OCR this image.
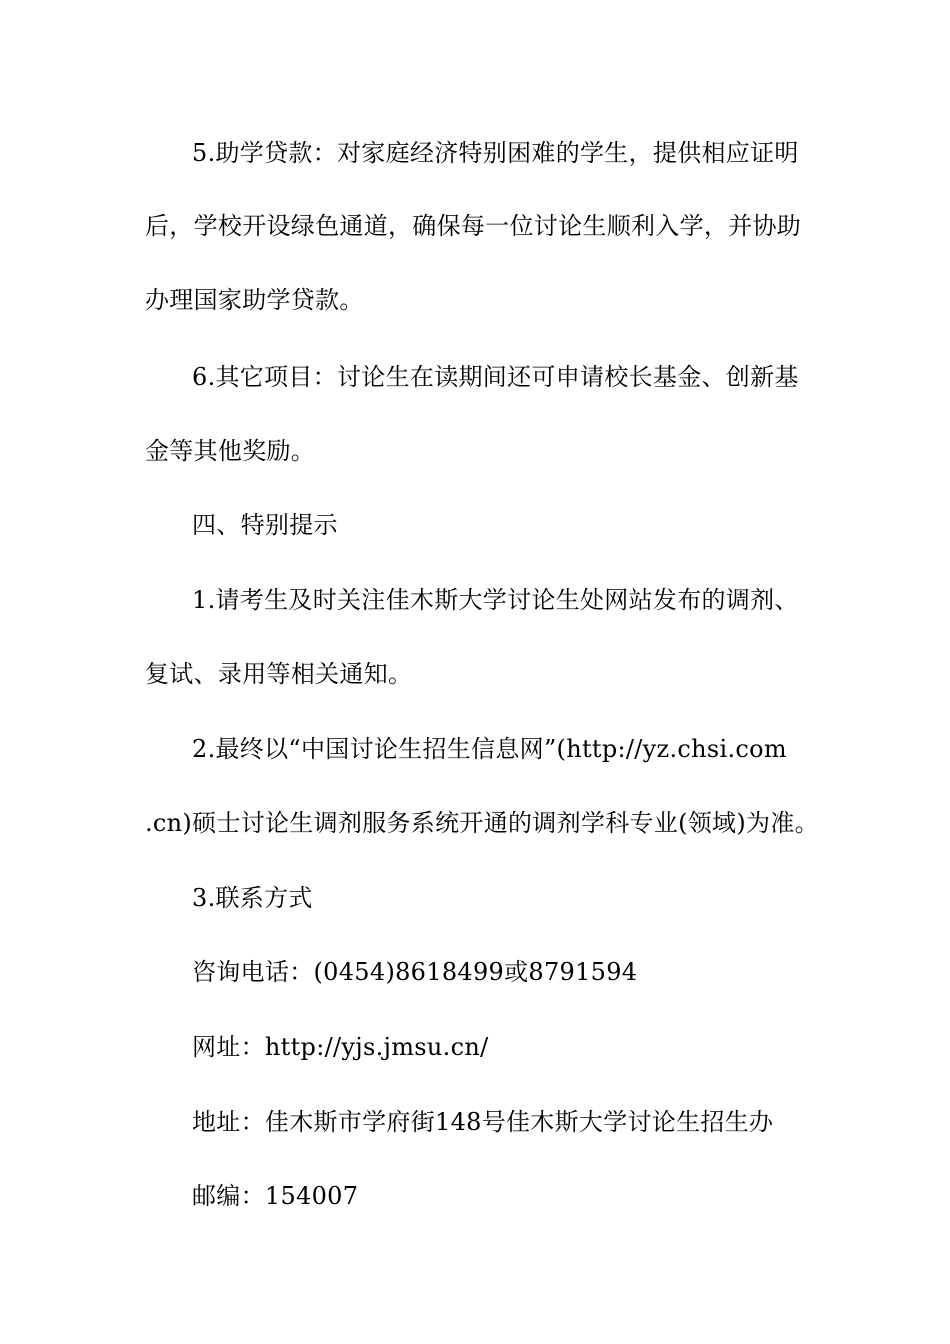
5.助学贷款：对家庭经济特别困难的学生，提供相应证明
后，学校开设绿色通道，确保每一位讨论生顺利入学，并协助
办理国家助学贷款。
6.其它项目：讨论生在读期间还可申请校长基金、创新基
金等其他奖励。
四、特别提示
1.请考生及时关注佳木斯大学讨论生处网站发布的调剂、
复试、录用等相关通知。
2.最终以“中国讨论生招生信息网”(http://yz.chsi.com
.cn)硕士讨论生调剂服务系统开通的调剂学科专业(领域)为准。
3.联系方式
咨询电话：(0454)8618499或8791594
网址：http://yjs.jmsu.cn/
地址：佳木斯市学府街148号佳木斯大学讨论生招生办
邮编：154007
